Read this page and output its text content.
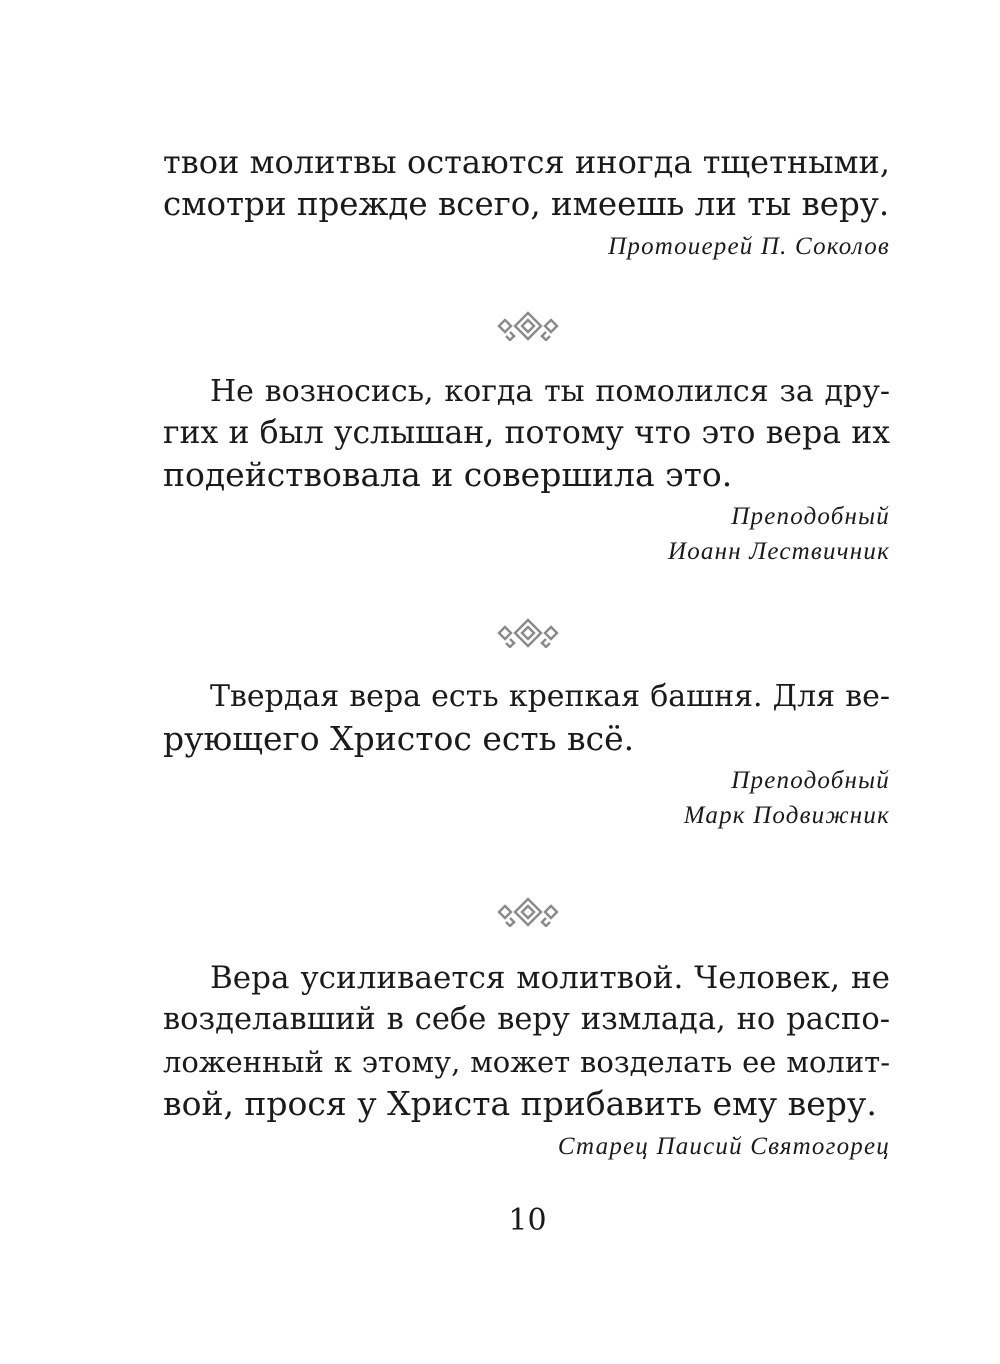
твои молитвы остаются иногда тщетными,
смотри прежде всего, имеешь ли ты веру.
Протоиерей П. Соколов
Не возносись, когда ты помолился за дру-
гих и был услышан, потому что это вера их
подействовала и совершила это.
Преподобный
Иоанн Лествичник
Твердая вера есть крепкая башня. Для ве-
рующего Христос есть всё.
Преподобный
Марк Подвижник
Вера усиливается молитвой. Человек, не
возделавший в себе веру измлада, но распо-
ложенный к этому, может возделать ее молит-
вой, прося у Христа прибавить ему веру.
Старец Паисий Святогорец
10
